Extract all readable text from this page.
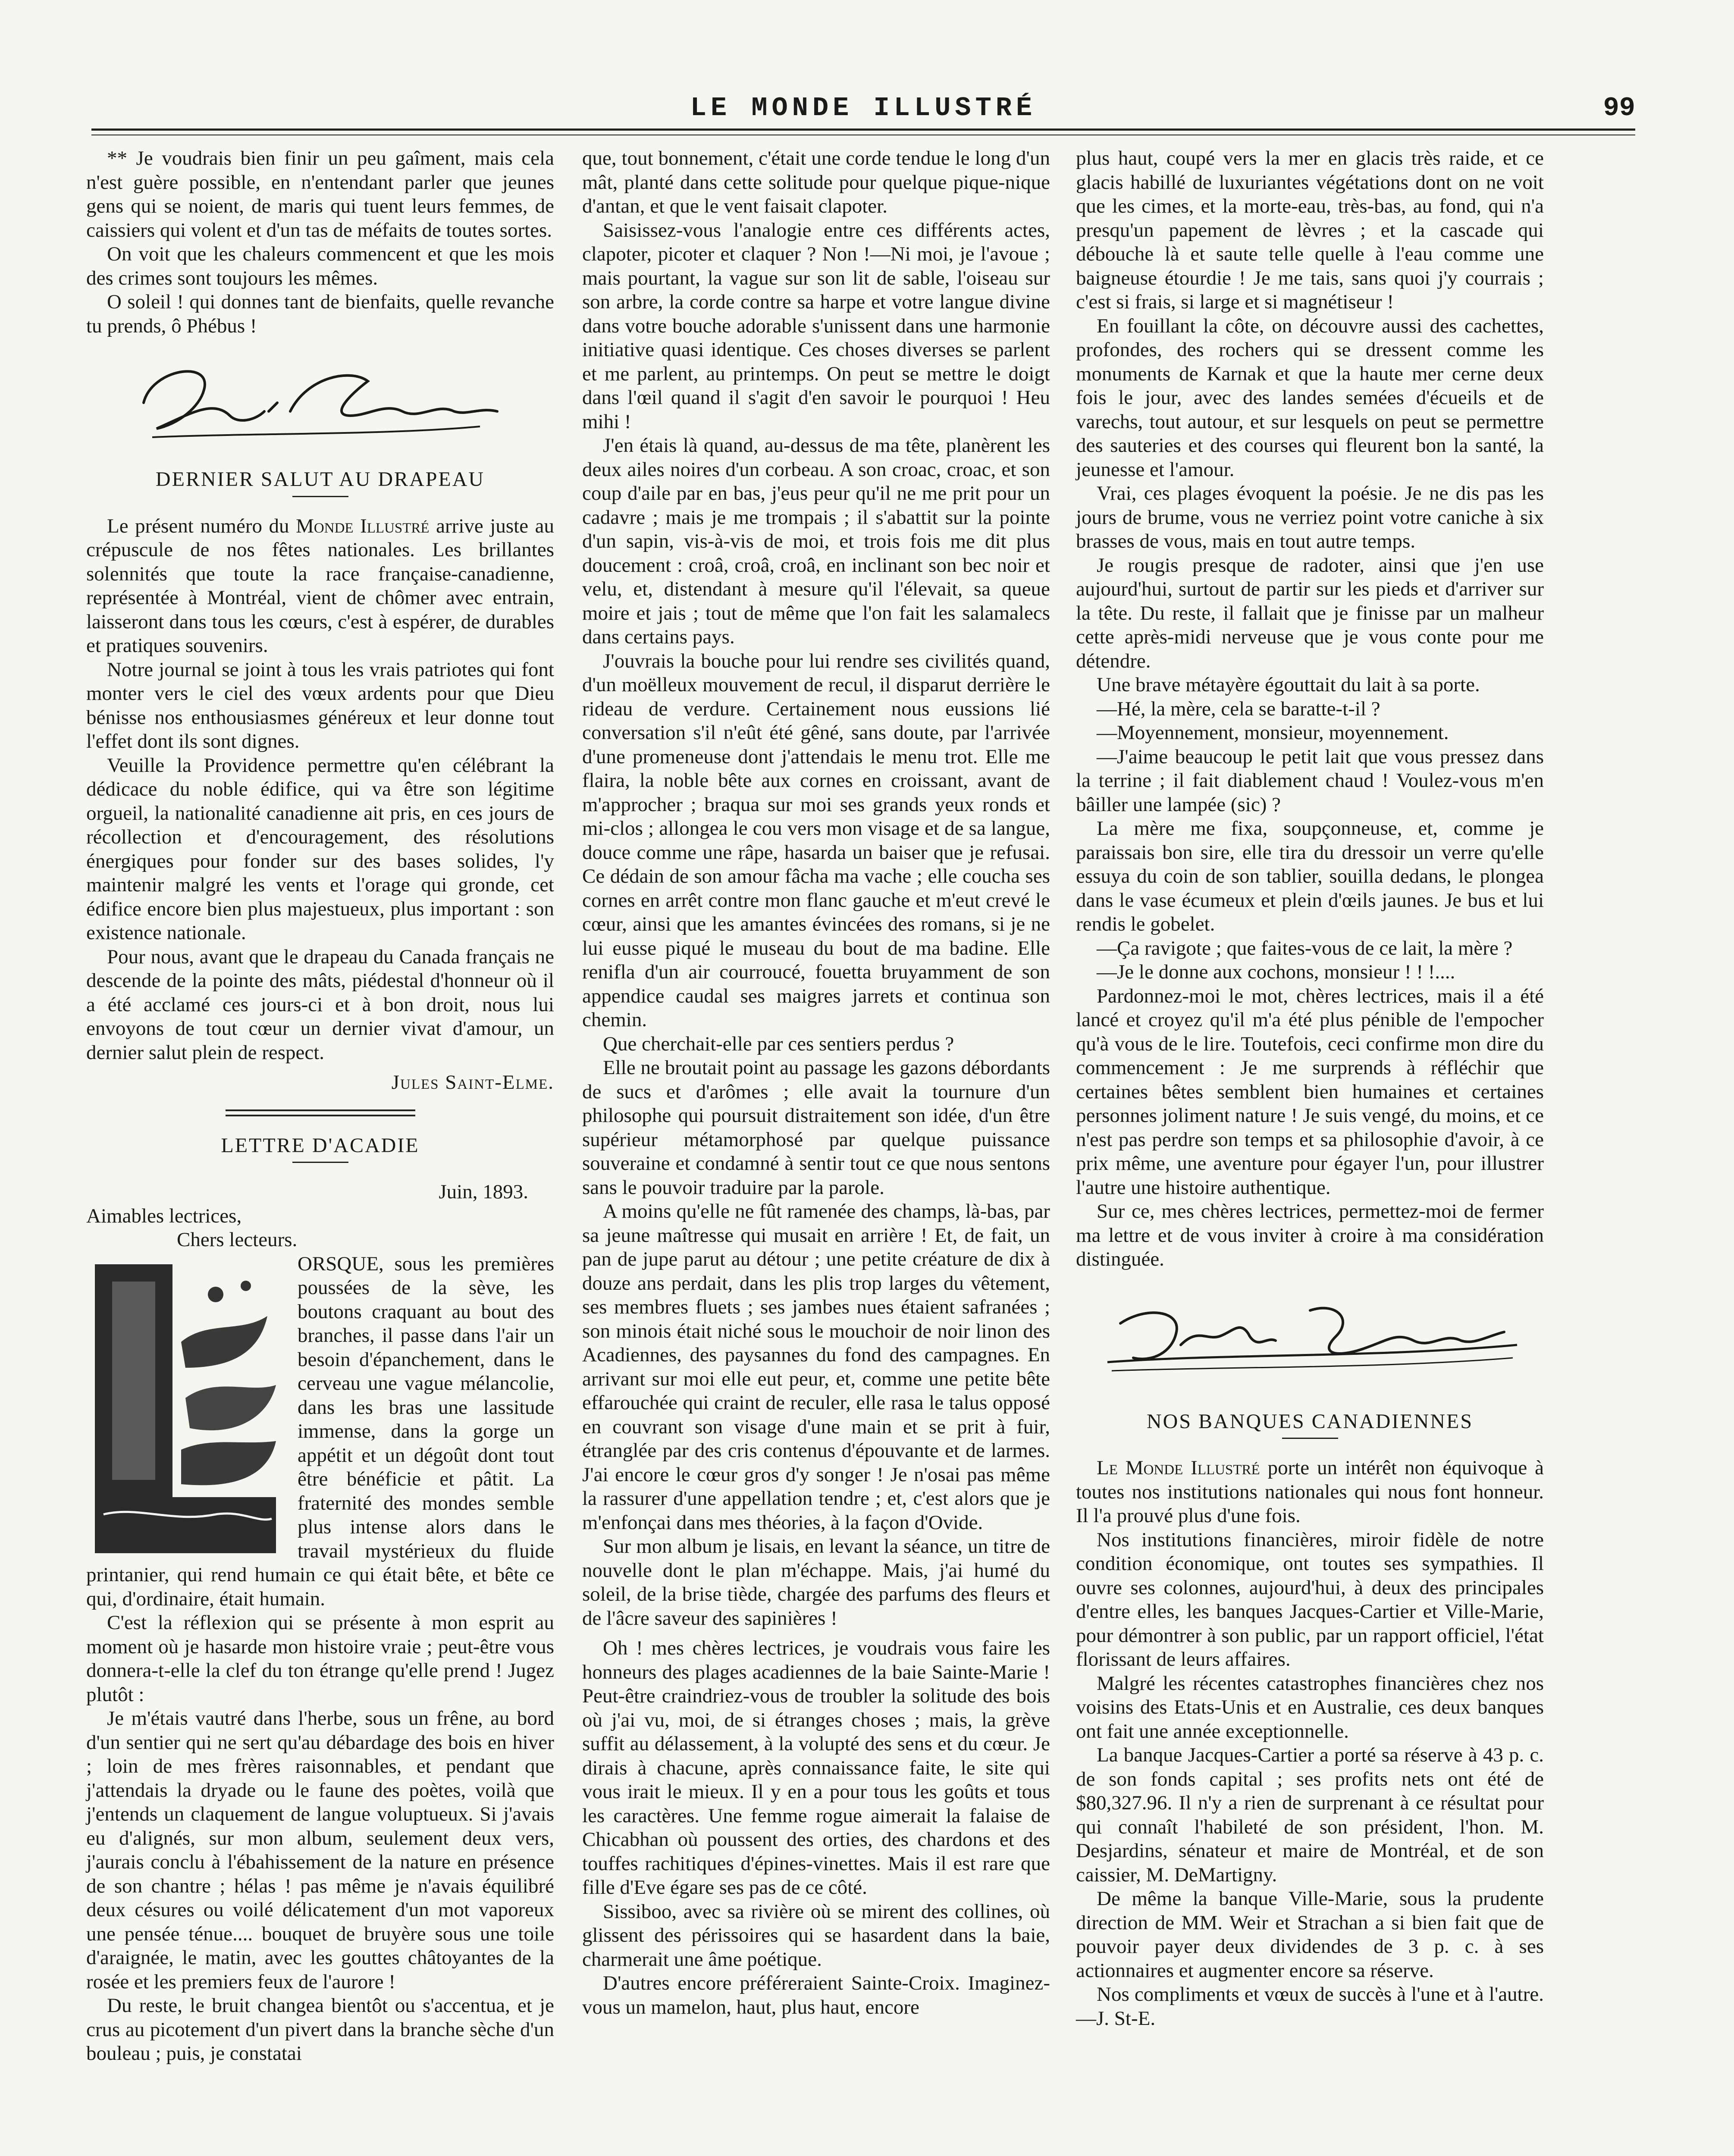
LE MONDE ILLUSTRÉ	99

** Je voudrais bien finir un peu gaîment, mais cela n'est guère possible, en n'entendant parler que jeunes gens qui se noient, de maris qui tuent leurs femmes, de caissiers qui volent et d'un tas de méfaits de toutes sortes.

On voit que les chaleurs commencent et que les mois des crimes sont toujours les mêmes.

O soleil ! qui donnes tant de bienfaits, quelle revanche tu prends, ô Phébus !

DERNIER SALUT AU DRAPEAU

Le présent numéro du Monde Illustré arrive juste au crépuscule de nos fêtes nationales. Les brillantes solennités que toute la race française-canadienne, représentée à Montréal, vient de chômer avec entrain, laisseront dans tous les cœurs, c'est à espérer, de durables et pratiques souvenirs.

Notre journal se joint à tous les vrais patriotes qui font monter vers le ciel des vœux ardents pour que Dieu bénisse nos enthousiasmes généreux et leur donne tout l'effet dont ils sont dignes.

Veuille la Providence permettre qu'en célébrant la dédicace du noble édifice, qui va être son légitime orgueil, la nationalité canadienne ait pris, en ces jours de récollection et d'encouragement, des résolutions énergiques pour fonder sur des bases solides, l'y maintenir malgré les vents et l'orage qui gronde, cet édifice encore bien plus majestueux, plus important : son existence nationale.

Pour nous, avant que le drapeau du Canada français ne descende de la pointe des mâts, piédestal d'honneur où il a été acclamé ces jours-ci et à bon droit, nous lui envoyons de tout cœur un dernier vivat d'amour, un dernier salut plein de respect.

Jules Saint-Elme.

LETTRE D'ACADIE

Juin, 1893.

Aimables lectrices,

Chers lecteurs.

ORSQUE, sous les premières poussées de la sève, les boutons craquant au bout des branches, il passe dans l'air un besoin d'épanchement, dans le cerveau une vague mélancolie, dans les bras une lassitude immense, dans la gorge un appétit et un dégoût dont tout être bénéficie et pâtit. La fraternité des mondes semble plus intense alors dans le travail mystérieux du fluide printanier, qui rend humain ce qui était bête, et bête ce qui, d'ordinaire, était humain.

C'est la réflexion qui se présente à mon esprit au moment où je hasarde mon histoire vraie ; peut-être vous donnera-t-elle la clef du ton étrange qu'elle prend ! Jugez plutôt :

Je m'étais vautré dans l'herbe, sous un frêne, au bord d'un sentier qui ne sert qu'au débardage des bois en hiver ; loin de mes frères raisonnables, et pendant que j'attendais la dryade ou le faune des poètes, voilà que j'entends un claquement de langue voluptueux. Si j'avais eu d'alignés, sur mon album, seulement deux vers, j'aurais conclu à l'ébahissement de la nature en présence de son chantre ; hélas ! pas même je n'avais équilibré deux césures ou voilé délicatement d'un mot vaporeux une pensée ténue.... bouquet de bruyère sous une toile d'araignée, le matin, avec les gouttes châtoyantes de la rosée et les premiers feux de l'aurore !

Du reste, le bruit changea bientôt ou s'accentua, et je crus au picotement d'un pivert dans la branche sèche d'un bouleau ; puis, je constatai

que, tout bonnement, c'était une corde tendue le long d'un mât, planté dans cette solitude pour quelque pique-nique d'antan, et que le vent faisait clapoter.

Saisissez-vous l'analogie entre ces différents actes, clapoter, picoter et claquer ? Non !—Ni moi, je l'avoue ; mais pourtant, la vague sur son lit de sable, l'oiseau sur son arbre, la corde contre sa harpe et votre langue divine dans votre bouche adorable s'unissent dans une harmonie initiative quasi identique. Ces choses diverses se parlent et me parlent, au printemps. On peut se mettre le doigt dans l'œil quand il s'agit d'en savoir le pourquoi ! Heu mihi !

J'en étais là quand, au-dessus de ma tête, planèrent les deux ailes noires d'un corbeau. A son croac, croac, et son coup d'aile par en bas, j'eus peur qu'il ne me prit pour un cadavre ; mais je me trompais ; il s'abattit sur la pointe d'un sapin, vis-à-vis de moi, et trois fois me dit plus doucement : croâ, croâ, croâ, en inclinant son bec noir et velu, et, distendant à mesure qu'il l'élevait, sa queue moire et jais ; tout de même que l'on fait les salamalecs dans certains pays.

J'ouvrais la bouche pour lui rendre ses civilités quand, d'un moëlleux mouvement de recul, il disparut derrière le rideau de verdure. Certainement nous eussions lié conversation s'il n'eût été gêné, sans doute, par l'arrivée d'une promeneuse dont j'attendais le menu trot. Elle me flaira, la noble bête aux cornes en croissant, avant de m'approcher ; braqua sur moi ses grands yeux ronds et mi-clos ; allongea le cou vers mon visage et de sa langue, douce comme une râpe, hasarda un baiser que je refusai. Ce dédain de son amour fâcha ma vache ; elle coucha ses cornes en arrêt contre mon flanc gauche et m'eut crevé le cœur, ainsi que les amantes évincées des romans, si je ne lui eusse piqué le museau du bout de ma badine. Elle renifla d'un air courroucé, fouetta bruyamment de son appendice caudal ses maigres jarrets et continua son chemin.

Que cherchait-elle par ces sentiers perdus ?

Elle ne broutait point au passage les gazons débordants de sucs et d'arômes ; elle avait la tournure d'un philosophe qui poursuit distraitement son idée, d'un être supérieur métamorphosé par quelque puissance souveraine et condamné à sentir tout ce que nous sentons sans le pouvoir traduire par la parole.

A moins qu'elle ne fût ramenée des champs, là-bas, par sa jeune maîtresse qui musait en arrière ! Et, de fait, un pan de jupe parut au détour ; une petite créature de dix à douze ans perdait, dans les plis trop larges du vêtement, ses membres fluets ; ses jambes nues étaient safranées ; son minois était niché sous le mouchoir de noir linon des Acadiennes, des paysannes du fond des campagnes. En arrivant sur moi elle eut peur, et, comme une petite bête effarouchée qui craint de reculer, elle rasa le talus opposé en couvrant son visage d'une main et se prit à fuir, étranglée par des cris contenus d'épouvante et de larmes. J'ai encore le cœur gros d'y songer ! Je n'osai pas même la rassurer d'une appellation tendre ; et, c'est alors que je m'enfonçai dans mes théories, à la façon d'Ovide.

Sur mon album je lisais, en levant la séance, un titre de nouvelle dont le plan m'échappe. Mais, j'ai humé du soleil, de la brise tiède, chargée des parfums des fleurs et de l'âcre saveur des sapinières !

Oh ! mes chères lectrices, je voudrais vous faire les honneurs des plages acadiennes de la baie Sainte-Marie ! Peut-être craindriez-vous de troubler la solitude des bois où j'ai vu, moi, de si étranges choses ; mais, la grève suffit au délassement, à la volupté des sens et du cœur. Je dirais à chacune, après connaissance faite, le site qui vous irait le mieux. Il y en a pour tous les goûts et tous les caractères. Une femme rogue aimerait la falaise de Chicabhan où poussent des orties, des chardons et des touffes rachitiques d'épines-vinettes. Mais il est rare que fille d'Eve égare ses pas de ce côté.

Sissiboo, avec sa rivière où se mirent des collines, où glissent des périssoires qui se hasardent dans la baie, charmerait une âme poétique.

D'autres encore préféreraient Sainte-Croix. Imaginez-vous un mamelon, haut, plus haut, encore

plus haut, coupé vers la mer en glacis très raide, et ce glacis habillé de luxuriantes végétations dont on ne voit que les cimes, et la morte-eau, très-bas, au fond, qui n'a presqu'un papement de lèvres ; et la cascade qui débouche là et saute telle quelle à l'eau comme une baigneuse étourdie ! Je me tais, sans quoi j'y courrais ; c'est si frais, si large et si magnétiseur !

En fouillant la côte, on découvre aussi des cachettes, profondes, des rochers qui se dressent comme les monuments de Karnak et que la haute mer cerne deux fois le jour, avec des landes semées d'écueils et de varechs, tout autour, et sur lesquels on peut se permettre des sauteries et des courses qui fleurent bon la santé, la jeunesse et l'amour.

Vrai, ces plages évoquent la poésie. Je ne dis pas les jours de brume, vous ne verriez point votre caniche à six brasses de vous, mais en tout autre temps.

Je rougis presque de radoter, ainsi que j'en use aujourd'hui, surtout de partir sur les pieds et d'arriver sur la tête. Du reste, il fallait que je finisse par un malheur cette après-midi nerveuse que je vous conte pour me détendre.

Une brave métayère égouttait du lait à sa porte.

—Hé, la mère, cela se baratte-t-il ?

—Moyennement, monsieur, moyennement.

—J'aime beaucoup le petit lait que vous pressez dans la terrine ; il fait diablement chaud ! Voulez-vous m'en bâiller une lampée (sic) ?

La mère me fixa, soupçonneuse, et, comme je paraissais bon sire, elle tira du dressoir un verre qu'elle essuya du coin de son tablier, souilla dedans, le plongea dans le vase écumeux et plein d'œils jaunes. Je bus et lui rendis le gobelet.

—Ça ravigote ; que faites-vous de ce lait, la mère ?

—Je le donne aux cochons, monsieur ! ! !....

Pardonnez-moi le mot, chères lectrices, mais il a été lancé et croyez qu'il m'a été plus pénible de l'empocher qu'à vous de le lire. Toutefois, ceci confirme mon dire du commencement : Je me surprends à réfléchir que certaines bêtes semblent bien humaines et certaines personnes joliment nature ! Je suis vengé, du moins, et ce n'est pas perdre son temps et sa philosophie d'avoir, à ce prix même, une aventure pour égayer l'un, pour illustrer l'autre une histoire authentique.

Sur ce, mes chères lectrices, permettez-moi de fermer ma lettre et de vous inviter à croire à ma considération distinguée.

NOS BANQUES CANADIENNES

Le Monde Illustré porte un intérêt non équivoque à toutes nos institutions nationales qui nous font honneur. Il l'a prouvé plus d'une fois.

Nos institutions financières, miroir fidèle de notre condition économique, ont toutes ses sympathies. Il ouvre ses colonnes, aujourd'hui, à deux des principales d'entre elles, les banques Jacques-Cartier et Ville-Marie, pour démontrer à son public, par un rapport officiel, l'état florissant de leurs affaires.

Malgré les récentes catastrophes financières chez nos voisins des Etats-Unis et en Australie, ces deux banques ont fait une année exceptionnelle.

La banque Jacques-Cartier a porté sa réserve à 43 p. c. de son fonds capital ; ses profits nets ont été de $80,327.96. Il n'y a rien de surprenant à ce résultat pour qui connaît l'habileté de son président, l'hon. M. Desjardins, sénateur et maire de Montréal, et de son caissier, M. DeMartigny.

De même la banque Ville-Marie, sous la prudente direction de MM. Weir et Strachan a si bien fait que de pouvoir payer deux dividendes de 3 p. c. à ses actionnaires et augmenter encore sa réserve.

Nos compliments et vœux de succès à l'une et à l'autre.—J. St-E.
